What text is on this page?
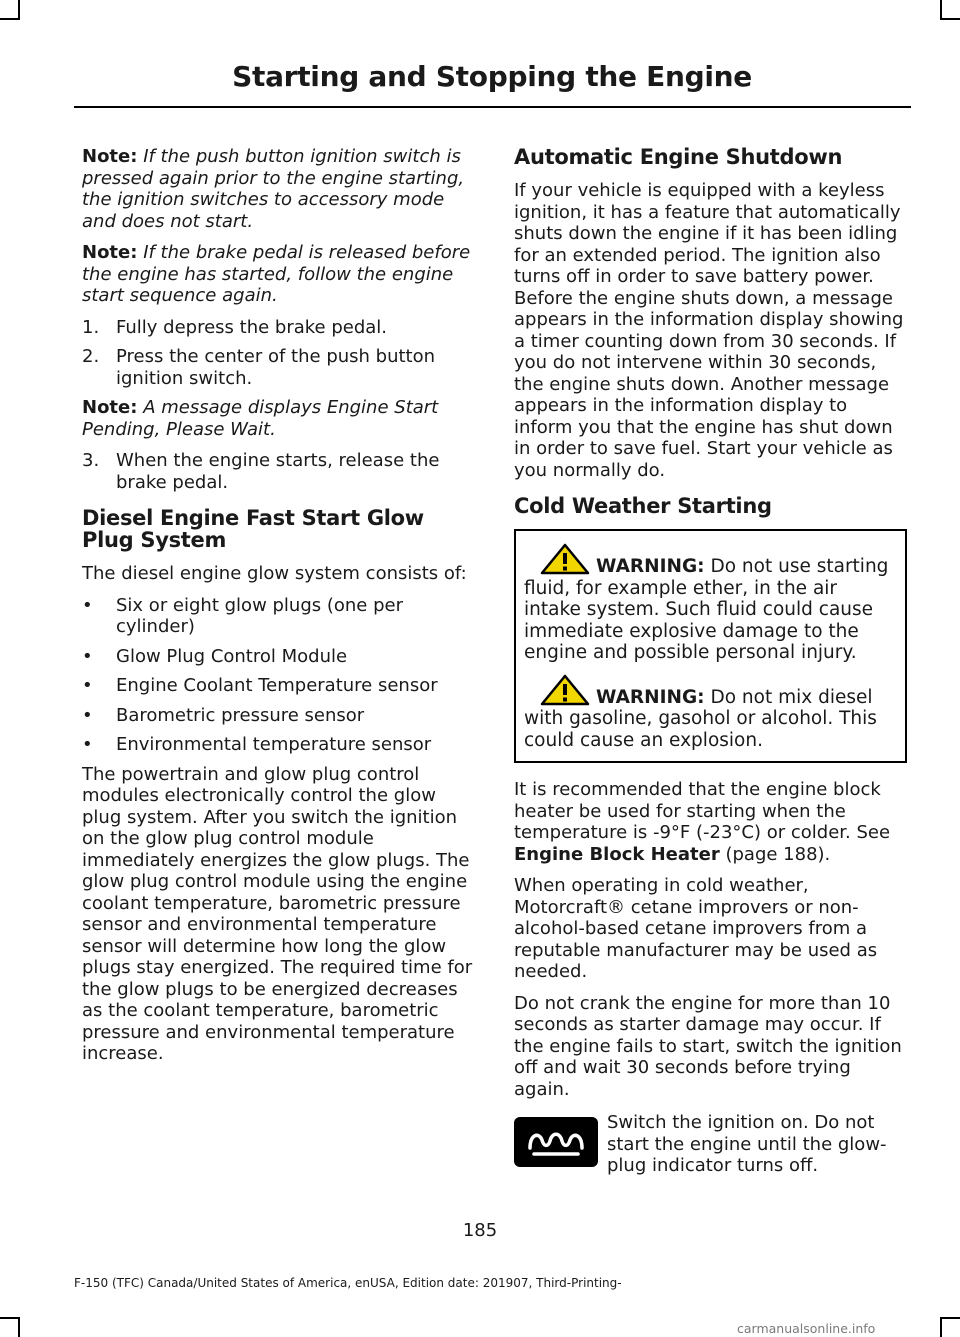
Starting and Stopping the Engine

Note: If the push button ignition switch is pressed again prior to the engine starting, the ignition switches to accessory mode and does not start.

Note: If the brake pedal is released before the engine has started, follow the engine start sequence again.

1. Fully depress the brake pedal.
2. Press the center of the push button ignition switch.

Note: A message displays Engine Start Pending, Please Wait.

3. When the engine starts, release the brake pedal.
Diesel Engine Fast Start Glow Plug System

The diesel engine glow system consists of:

• Six or eight glow plugs (one per cylinder)
• Glow Plug Control Module
• Engine Coolant Temperature sensor
• Barometric pressure sensor
• Environmental temperature sensor

The powertrain and glow plug control modules electronically control the glow plug system. After you switch the ignition on the glow plug control module immediately energizes the glow plugs. The glow plug control module using the engine coolant temperature, barometric pressure sensor and environmental temperature sensor will determine how long the glow plugs stay energized. The required time for the glow plugs to be energized decreases as the coolant temperature, barometric pressure and environmental temperature increase.

Automatic Engine Shutdown

If your vehicle is equipped with a keyless ignition, it has a feature that automatically shuts down the engine if it has been idling for an extended period. The ignition also turns off in order to save battery power. Before the engine shuts down, a message appears in the information display showing a timer counting down from 30 seconds. If you do not intervene within 30 seconds, the engine shuts down. Another message appears in the information display to inform you that the engine has shut down in order to save fuel. Start your vehicle as you normally do.

Cold Weather Starting

WARNING: Do not use starting fluid, for example ether, in the air intake system. Such fluid could cause immediate explosive damage to the engine and possible personal injury.

WARNING: Do not mix diesel with gasoline, gasohol or alcohol. This could cause an explosion.

It is recommended that the engine block heater be used for starting when the temperature is -9°F (-23°C) or colder. See Engine Block Heater (page 188).

When operating in cold weather, Motorcraft® cetane improvers or non-alcohol-based cetane improvers from a reputable manufacturer may be used as needed.

Do not crank the engine for more than 10 seconds as starter damage may occur. If the engine fails to start, switch the ignition off and wait 30 seconds before trying again.

Switch the ignition on. Do not start the engine until the glow-plug indicator turns off.
185
F-150 (TFC) Canada/United States of America, enUSA, Edition date: 201907, Third-Printing-
carmanualsonline.info
